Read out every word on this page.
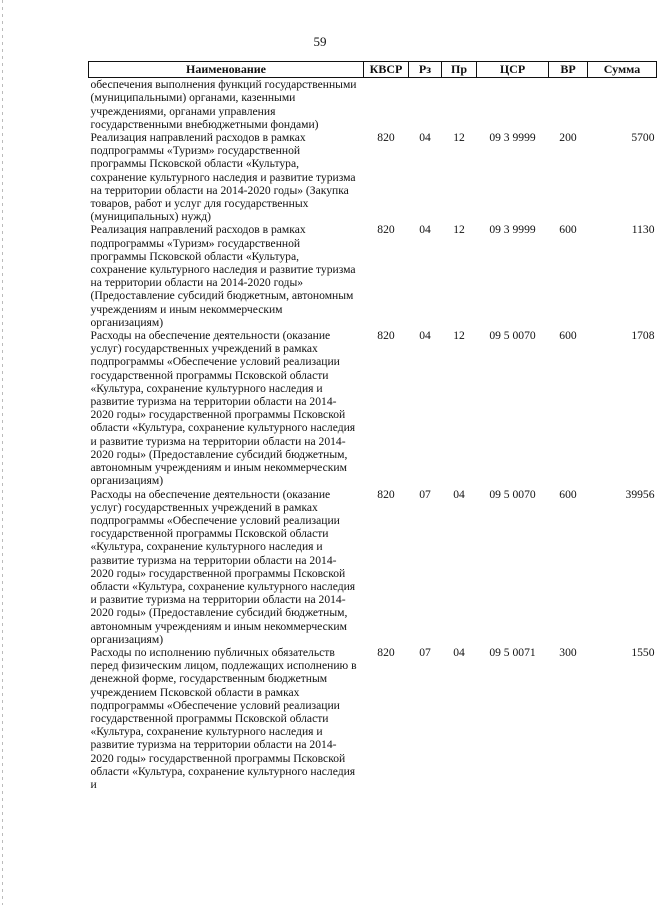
59
Наименование	КВСР	Рз	Пр	ЦСР	ВР	Сумма
обеспечения выполнения функций государственными (муниципальными) органами, казенными учреждениями, органами управления государственными внебюджетными фондами)						
Реализация направлений расходов в рамках подпрограммы «Туризм» государственной программы Псковской области «Культура, сохранение культурного наследия и развитие туризма на территории области на 2014-2020 годы» (Закупка товаров, работ и услуг для государственных (муниципальных) нужд)	820	04	12	09 3 9999	200	5700
Реализация направлений расходов в рамках подпрограммы «Туризм» государственной программы Псковской области «Культура, сохранение культурного наследия и развитие туризма на территории области на 2014-2020 годы» (Предоставление субсидий бюджетным, автономным учреждениям и иным некоммерческим организациям)	820	04	12	09 3 9999	600	1130
Расходы на обеспечение деятельности (оказание услуг) государственных учреждений в рамках подпрограммы «Обеспечение условий реализации государственной программы Псковской области «Культура, сохранение культурного наследия и развитие туризма на территории области на 2014-2020 годы» государственной программы Псковской области «Культура, сохранение культурного наследия и развитие туризма на территории области на 2014-2020 годы» (Предоставление субсидий бюджетным, автономным учреждениям и иным некоммерческим организациям)	820	04	12	09 5 0070	600	1708
Расходы на обеспечение деятельности (оказание услуг) государственных учреждений в рамках подпрограммы «Обеспечение условий реализации государственной программы Псковской области «Культура, сохранение культурного наследия и развитие туризма на территории области на 2014-2020 годы» государственной программы Псковской области «Культура, сохранение культурного наследия и развитие туризма на территории области на 2014-2020 годы» (Предоставление субсидий бюджетным, автономным учреждениям и иным некоммерческим организациям)	820	07	04	09 5 0070	600	39956
Расходы по исполнению публичных обязательств перед физическим лицом, подлежащих исполнению в денежной форме, государственным бюджетным учреждением Псковской области в рамках подпрограммы «Обеспечение условий реализации государственной программы Псковской области «Культура, сохранение культурного наследия и развитие туризма на территории области на 2014-2020 годы» государственной программы Псковской области «Культура, сохранение культурного наследия и	820	07	04	09 5 0071	300	1550
